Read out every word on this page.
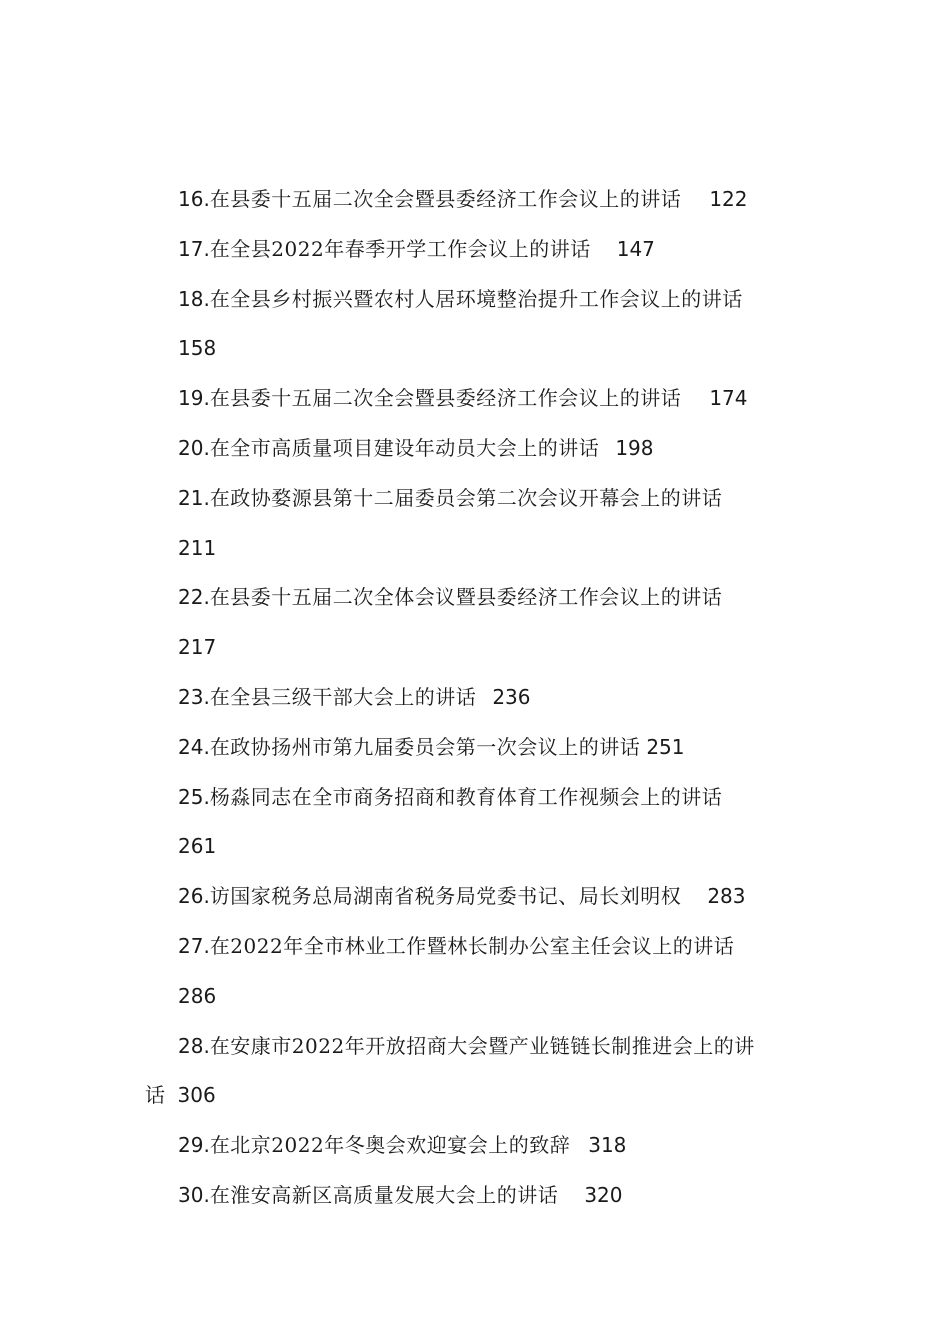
16.在县委十五届二次全会暨县委经济工作会议上的讲话 122
17.在全县2022年春季开学工作会议上的讲话 147
18.在全县乡村振兴暨农村人居环境整治提升工作会议上的讲话
158
19.在县委十五届二次全会暨县委经济工作会议上的讲话 174
20.在全市高质量项目建设年动员大会上的讲话 198
21.在政协婺源县第十二届委员会第二次会议开幕会上的讲话
211
22.在县委十五届二次全体会议暨县委经济工作会议上的讲话
217
23.在全县三级干部大会上的讲话 236
24.在政协扬州市第九届委员会第一次会议上的讲话 251
25.杨淼同志在全市商务招商和教育体育工作视频会上的讲话
261
26.访国家税务总局湖南省税务局党委书记、局长刘明权 283
27.在2022年全市林业工作暨林长制办公室主任会议上的讲话
286
28.在安康市2022年开放招商大会暨产业链链长制推进会上的讲
话 306
29.在北京2022年冬奥会欢迎宴会上的致辞 318
30.在淮安高新区高质量发展大会上的讲话 320
